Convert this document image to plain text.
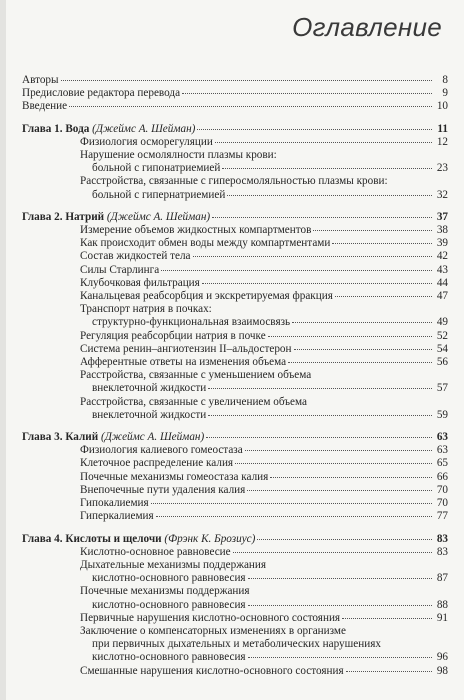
Оглавление
Авторы	8
Предисловие редактора перевода	9
Введение	10
Глава 1. Вода (Джеймс А. Шейман)	11
Физиология осморегуляции	12
Нарушение осмолялности плазмы крови:
больной с гипонатриемией	23
Расстройства, связанные с гиперосмоляльностью плазмы крови:
больной с гипернатриемией	32
Глава 2. Натрий (Джеймс А. Шейман)	37
Измерение объемов жидкостных компартментов	38
Как происходит обмен воды между компартментами	39
Состав жидкостей тела	42
Силы Старлинга	43
Клубочковая фильтрация	44
Канальцевая реабсорбция и экскретируемая фракция	47
Транспорт натрия в почках:
структурно-функциональная взаимосвязь	49
Регуляция реабсорбции натрия в почке	52
Система ренин–ангиотензин II–альдостерон	54
Афферентные ответы на изменения объема	56
Расстройства, связанные с уменьшением объема
внеклеточной жидкости	57
Расстройства, связанные с увеличением объема
внеклеточной жидкости	59
Глава 3. Калий (Джеймс А. Шейман)	63
Физиология калиевого гомеостаза	63
Клеточное распределение калия	65
Почечные механизмы гомеостаза калия	66
Внепочечные пути удаления калия	70
Гипокалиемия	70
Гиперкалиемия	77
Глава 4. Кислоты и щелочи (Фрэнк К. Брозиус)	83
Кислотно-основное равновесие	83
Дыхательные механизмы поддержания
кислотно-основного равновесия	87
Почечные механизмы поддержания
кислотно-основного равновесия	88
Первичные нарушения кислотно-основного состояния	91
Заключение о компенсаторных изменениях в организме
при первичных дыхательных и метаболических нарушениях
кислотно-основного равновесия	96
Смешанные нарушения кислотно-основного состояния	98
